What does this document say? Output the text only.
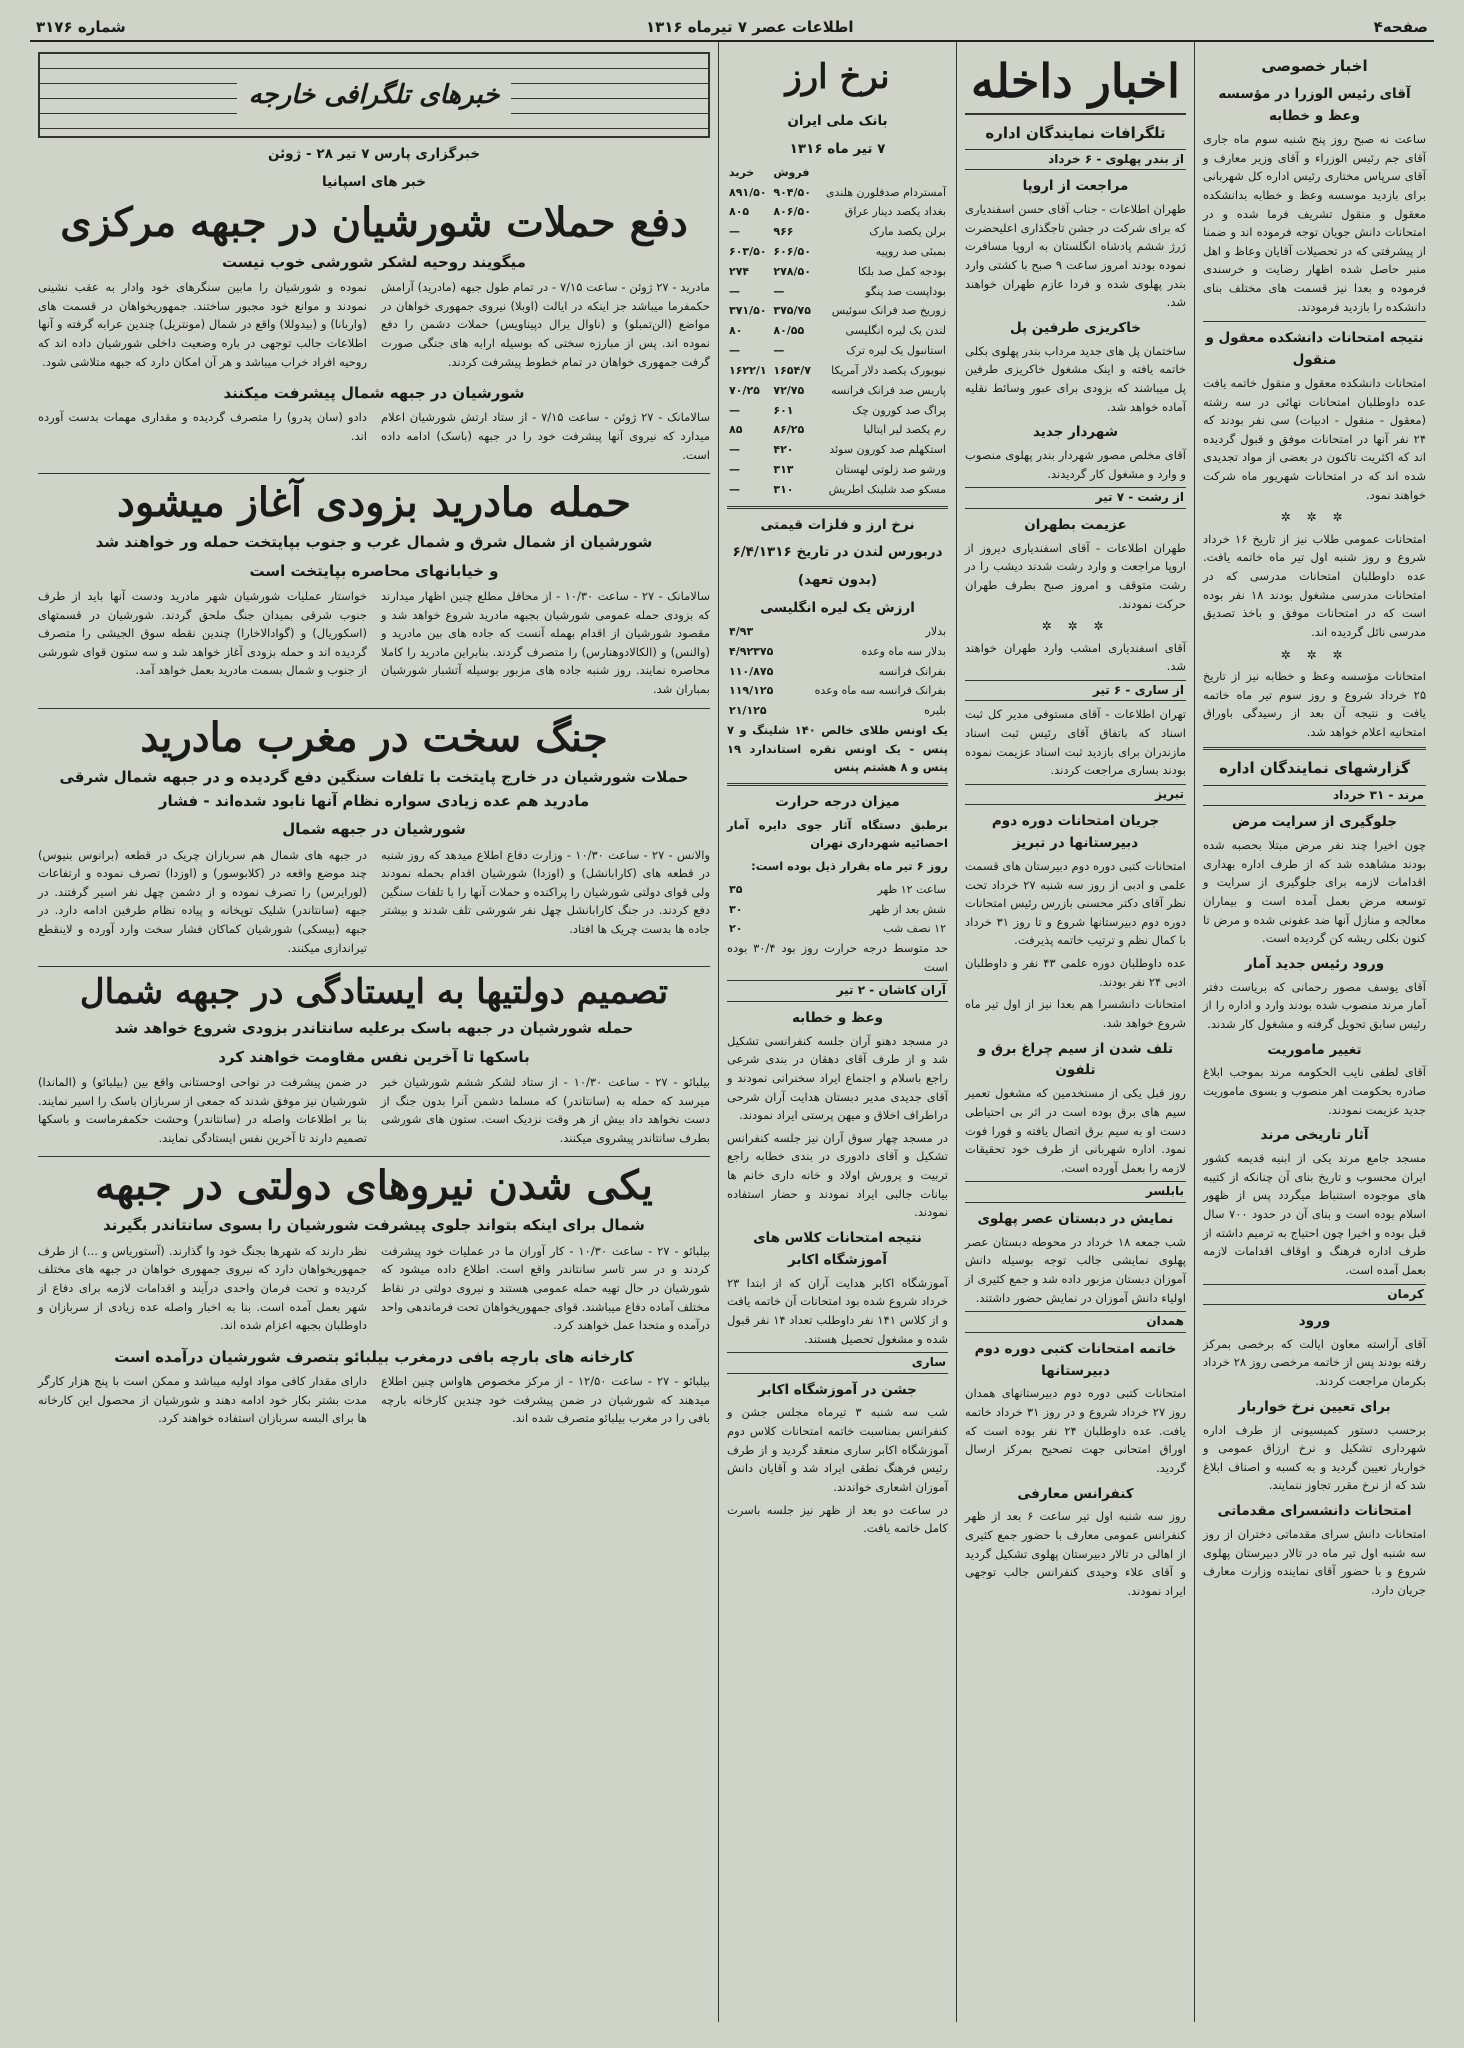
صفحه۴
اطلاعات عصر ۷ تیرماه ۱۳۱۶
شماره ۳۱۷۶
اخبار خصوصی
آقای رئیس الوزرا در مؤسسه وعظ و خطابه

ساعت نه صبح روز پنج شنبه سوم ماه جاری آقای جم رئیس الوزراء و آقای وزیر معارف و آقای سرپاس مختاری رئیس اداره کل شهربانی برای بازدید موسسه وعظ و خطابه بدانشکده معقول و منقول تشریف فرما شده و در امتحانات دانش جویان توجه فرموده اند و ضمنا از پیشرفتی که در تحصیلات آقایان وعاظ و اهل منبر حاصل شده اظهار رضایت و خرسندی فرموده و بعدا نیز قسمت های مختلف بنای دانشکده را بازدید فرمودند.

نتیجه امتحانات دانشکده معقول و منقول

امتحانات دانشکده معقول و منقول خاتمه یافت عده داوطلبان امتحانات نهائی در سه رشته (معقول - منقول - ادبیات) سی نفر بودند که ۲۴ نفر آنها در امتحانات موفق و قبول گردیده اند که اکثریت تاکنون در بعضی از مواد تجدیدی شده اند که در امتحانات شهریور ماه شرکت خواهند نمود.

✲ ✲ ✲

امتحانات عمومی طلاب نیز از تاریخ ۱۶ خرداد شروع و روز شنبه اول تیر ماه خاتمه یافت. عده داوطلبان امتحانات مدرسی که در امتحانات مدرسی مشغول بودند ۱۸ نفر بوده است که در امتحانات موفق و باخذ تصدیق مدرسی نائل گردیده اند.

✲ ✲ ✲

امتحانات مؤسسه وعظ و خطابه نیز از تاریخ ۲۵ خرداد شروع و روز سوم تیر ماه خاتمه یافت و نتیجه آن بعد از رسیدگی باوراق امتحانیه اعلام خواهد شد.

گزارشهای نمایندگان اداره
مرند - ۳۱ خرداد
جلوگیری از سرایت مرض

چون اخیرا چند نفر مرض مبتلا بحصبه شده بودند مشاهده شد که از طرف اداره بهداری اقدامات لازمه برای جلوگیری از سرایت و توسعه مرض بعمل آمده است و بیماران معالجه و منازل آنها ضد عفونی شده و مرض تا کنون بکلی ریشه کن گردیده است.

ورود رئیس جدید آمار

آقای یوسف مصور رحمانی که بریاست دفتر آمار مرند منصوب شده بودند وارد و اداره را از رئیس سابق تحویل گرفته و مشغول کار شدند.

تغییر ماموریت

آقای لطفی نایب الحکومه مرند بموجب ابلاغ صادره بحکومت اهر منصوب و بسوی ماموریت جدید عزیمت نمودند.

آثار تاریخی مرند

مسجد جامع مرند یکی از ابنیه قدیمه کشور ایران محسوب و تاریخ بنای آن چنانکه از کتیبه های موجوده استنباط میگردد پس از ظهور اسلام بوده است و بنای آن در حدود ۷۰۰ سال قبل بوده و اخیرا چون احتیاج به ترمیم داشته از طرف اداره فرهنگ و اوقاف اقدامات لازمه بعمل آمده است.

کرمان
ورود

آقای آراسته معاون ایالت که برخصی بمرکز رفته بودند پس از خاتمه مرخصی روز ۲۸ خرداد بکرمان مراجعت کردند.

برای تعیین نرخ خواربار

برحسب دستور کمیسیونی از طرف اداره شهرداری تشکیل و نرخ ارزاق عمومی و خواربار تعیین گردید و به کسبه و اصناف ابلاغ شد که از نرخ مقرر تجاوز ننمایند.

امتحانات دانشسرای مقدماتی

امتحانات دانش سرای مقدماتی دختران از روز سه شنبه اول تیر ماه در تالار دبیرستان پهلوی شروع و با حضور آقای نماینده وزارت معارف جریان دارد.

اخبار داخله
تلگرافات نمایندگان اداره
از بندر پهلوی - ۶ خرداد
مراجعت از اروپا

طهران اطلاعات - جناب آقای حسن اسفندیاری که برای شرکت در جشن تاجگذاری اعلیحضرت ژرژ ششم پادشاه انگلستان به اروپا مسافرت نموده بودند امروز ساعت ۹ صبح با کشتی وارد بندر پهلوی شده و فردا عازم طهران خواهند شد.

خاکریزی طرفین پل

ساختمان پل های جدید مرداب بندر پهلوی بکلی خاتمه یافته و اینک مشغول خاکریزی طرفین پل میباشند که بزودی برای عبور وسائط نقلیه آماده خواهد شد.

شهردار جدید

آقای مخلص مصور شهردار بندر پهلوی منصوب و وارد و مشغول کار گردیدند.

از رشت - ۷ تیر
عزیمت بطهران

طهران اطلاعات - آقای اسفندیاری دیروز از اروپا مراجعت و وارد رشت شدند دیشب را در رشت متوقف و امروز صبح بطرف طهران حرکت نمودند.

✲ ✲ ✲

آقای اسفندیاری امشب وارد طهران خواهند شد.

از ساری - ۶ تیر

تهران اطلاعات - آقای مستوفی مدیر کل ثبت اسناد که باتفاق آقای رئیس ثبت اسناد مازندران برای بازدید ثبت اسناد عزیمت نموده بودند بساری مراجعت کردند.

تبریز
جریان امتحانات دوره دوم دبیرستانها در تبریز

امتحانات کتبی دوره دوم دبیرستان های قسمت علمی و ادبی از روز سه شنبه ۲۷ خرداد تحت نظر آقای دکتر محسنی بازرس رئیس امتحانات دوره دوم دبیرستانها شروع و تا روز ۳۱ خرداد با کمال نظم و ترتیب خاتمه پذیرفت.

عده داوطلبان دوره علمی ۴۳ نفر و داوطلبان ادبی ۲۴ نفر بودند.

امتحانات دانشسرا هم بعدا نیز از اول تیر ماه شروع خواهد شد.

تلف شدن از سیم چراغ برق و تلفون

روز قبل یکی از مستخدمین که مشغول تعمیر سیم های برق بوده است در اثر بی احتیاطی دست او به سیم برق اتصال یافته و فورا فوت نمود. اداره شهربانی از طرف خود تحقیقات لازمه را بعمل آورده است.

بابلسر
نمایش در دبستان عصر پهلوی

شب جمعه ۱۸ خرداد در محوطه دبستان عصر پهلوی نمایشی جالب توجه بوسیله دانش آموزان دبستان مزبور داده شد و جمع کثیری از اولیاء دانش آموزان در نمایش حضور داشتند.

همدان
خاتمه امتحانات کتبی دوره دوم دبیرستانها

امتحانات کتبی دوره دوم دبیرستانهای همدان روز ۲۷ خرداد شروع و در روز ۳۱ خرداد خاتمه یافت. عده داوطلبان ۲۴ نفر بوده است که اوراق امتحانی جهت تصحیح بمرکز ارسال گردید.

کنفرانس معارفی

روز سه شنبه اول تیر ساعت ۶ بعد از ظهر کنفرانس عمومی معارف با حضور جمع کثیری از اهالی در تالار دبیرستان پهلوی تشکیل گردید و آقای علاء وحیدی کنفرانس جالب توجهی ایراد نمودند.

نرخ ارز
بانک ملی ایران
۷ تیر ماه ۱۳۱۶
	فروش	خرید
آمستردام صدفلورن هلندی	۹۰۴/۵۰	۸۹۱/۵۰
بغداد یکصد دینار عراق	۸۰۶/۵۰	۸۰۵
برلن یکصد مارک	۹۶۶	—
بمبئی صد روپیه	۶۰۶/۵۰	۶۰۳/۵۰
بودجه کمل صد بلکا	۲۷۸/۵۰	۲۷۴
بوداپست صد پنگو	—	—
زوریخ صد فرانک سوئیس	۳۷۵/۷۵	۳۷۱/۵۰
لندن یک لیره انگلیسی	۸۰/۵۵	۸۰
استانبول یک لیره ترک	—	—
نیویورک یکصد دلار آمریکا	۱۶۵۴/۷	۱۶۲۲/۱
پاریس صد فرانک فرانسه	۷۲/۷۵	۷۰/۲۵
پراگ صد کورون چک	۶۰۱	—
رم یکصد لیر ایتالیا	۸۶/۲۵	۸۵
استکهلم صد کورون سوئد	۴۲۰	—
ورشو صد زلوتی لهستان	۳۱۳	—
مسکو صد شلینک اطریش	۳۱۰	—
نرخ ارز و فلزات قیمتی
دربورس لندن در تاریخ ۶/۴/۱۳۱۶
(بدون تعهد)
ارزش یک لیره انگلیسی
بدلار	۴/۹۳
بدلار سه ماه وعده	۴/۹۲۳۷۵
بفرانک فرانسه	۱۱۰/۸۷۵
بفرانک فرانسه سه ماه وعده	۱۱۹/۱۲۵
بلیره	۲۱/۱۲۵

یک اونس طلای خالص ۱۴۰ شلینگ و ۷ پنس - یک اونس نقره استاندارد ۱۹ پنس و ۸ هشتم پنس

میزان درجه حرارت

برطبق دستگاه آثار جوی دایره آمار احصائیه شهرداری تهران

روز ۶ تیر ماه بقرار ذیل بوده است:

ساعت ۱۲ ظهر	۳۵
شش بعد از ظهر	۳۰
۱۲ نصف شب	۲۰

حد متوسط درجه حرارت روز بود ۳۰/۴ بوده است

آران کاشان - ۲ تیر
وعظ و خطابه

در مسجد دهنو آران جلسه کنفرانسی تشکیل شد و از طرف آقای دهقان در بندی شرعی راجع باسلام و اجتماع ایراد سخنرانی نمودند و آقای جدیدی مدیر دبستان هدایت آران شرحی دراطراف اخلاق و میهن پرستی ایراد نمودند.

در مسجد چهار سوق آران نیز جلسه کنفرانس تشکیل و آقای دادوری در بندی خطابه راجع تربیت و پرورش اولاد و خانه داری خانم ها بیانات جالبی ایراد نمودند و حضار استفاده نمودند.

نتیجه امتحانات کلاس های آموزشگاه اکابر

آموزشگاه اکابر هدایت آران که از ابتدا ۲۳ خرداد شروع شده بود امتحانات آن خاتمه یافت و از کلاس ۱۴۱ نفر داوطلب تعداد ۱۴ نفر قبول شده و مشغول تحصیل هستند.

ساری
جشن در آموزشگاه اکابر

شب سه شنبه ۳ تیرماه مجلس جشن و کنفرانس بمناسبت خاتمه امتحانات کلاس دوم آموزشگاه اکابر ساری منعقد گردید و از طرف رئیس فرهنگ نطقی ایراد شد و آقایان دانش آموزان اشعاری خواندند.

در ساعت دو بعد از ظهر نیز جلسه باسرت کامل خاتمه یافت.

خبرهای تلگرافی خارجه
خبرگزاری پارس ۷ تیر ۲۸ - ژوئن
خبر های اسپانیا
دفع حملات شورشیان در جبهه مرکزی
میگویند روحیه لشکر شورشی خوب نیست

مادرید - ۲۷ ژوئن - ساعت ۷/۱۵ - در تمام طول جبهه (مادرید) آرامش حکمفرما میباشد جز اینکه در ایالت (اوبلا) نیروی جمهوری خواهان در مواضع (الن‌تمبلو) و (ناوال یرال دپیناویس) حملات دشمن را دفع نموده اند. پس از مبارزه سختی که بوسیله ارابه های جنگی صورت گرفت جمهوری خواهان در تمام خطوط پیشرفت کردند.

نموده و شورشیان را مابین سنگرهای خود وادار به عقب نشینی نمودند و موانع خود مجبور ساختند. جمهوریخواهان در قسمت های (واربانا) و (بیدوللا) واقع در شمال (مونتریل) چندین عرابه گرفته و آنها اطلاعات جالب توجهی در باره وضعیت داخلی شورشیان داده اند که روحیه افراد خراب میباشد و هر آن امکان دارد که جبهه متلاشی شود.

شورشیان در جبهه شمال پیشرفت میکنند

سالامانک - ۲۷ ژوئن - ساعت ۷/۱۵ - از ستاد ارتش شورشیان اعلام میدارد که نیروی آنها پیشرفت خود را در جبهه (باسک) ادامه داده است.

دادو (سان پدرو) را متصرف گردیده و مقداری مهمات بدست آورده اند.

حمله مادرید بزودی آغاز میشود
شورشیان از شمال شرق و شمال غرب و جنوب بپایتخت حمله ور خواهند شد
و خیابانهای محاصره بپایتخت است

سالامانک - ۲۷ - ساعت ۱۰/۳۰ - از محافل مطلع چنین اظهار میدارند که بزودی حمله عمومی شورشیان بجبهه مادرید شروع خواهد شد و مقصود شورشیان از اقدام بهمله آنست که جاده های بین مادرید و (والنس) و (الکالادوهنارس) را متصرف گردند. بنابراین مادرید را کاملا محاصره نمایند. روز شنبه جاده های مزبور بوسیله آتشبار شورشیان بمباران شد.

خواستار عملیات شورشیان شهر مادرید ودست آنها باید از طرف جنوب شرقی بمیدان جنگ ملحق گردند. شورشیان در قسمتهای (اسکوریال) و (گوادالاخارا) چندین نقطه سوق الجیشی را متصرف گردیده اند و حمله بزودی آغاز خواهد شد و سه ستون قوای شورشی از جنوب و شمال بسمت مادرید بعمل خواهد آمد.

جنگ سخت در مغرب مادرید
حملات شورشیان در خارج پایتخت با تلفات سنگین دفع گردیده و در جبهه شمال شرقی مادرید هم عده زیادی سواره نظام آنها نابود شده‌اند - فشار
شورشیان در جبهه شمال

والانس - ۲۷ - ساعت ۱۰/۳۰ - وزارت دفاع اطلاع میدهد که روز شنبه در قطعه های (کارابانشل) و (اوزدا) شورشیان اقدام بحمله نمودند ولی قوای دولتی شورشیان را پراکنده و حملات آنها را با تلفات سنگین دفع کردند. در جنگ کارابانشل چهل نفر شورشی تلف شدند و بیشتر جاده ها بدست چریک ها افتاد.

در جبهه های شمال هم سربازان چریک در قطعه (برانوس بنیوس) چند موضع واقعه در (کلابوسور) و (اوزدا) تصرف نموده و ارتفاعات (لورایرس) را تصرف نموده و از دشمن چهل نفر اسیر گرفتند. در جبهه (سانتاندر) شلیک توپخانه و پیاده نظام طرفین ادامه دارد. در جبهه (بیسکی) شورشیان کماکان فشار سخت وارد آورده و لاینقطع تیراندازی میکنند.

تصمیم دولتیها به ایستادگی در جبهه شمال
حمله شورشیان در جبهه باسک برعلیه سانتاندر بزودی شروع خواهد شد
باسکها تا آخرین نفس مقاومت خواهند کرد

بیلبائو - ۲۷ - ساعت ۱۰/۳۰ - از ستاد لشکر ششم شورشیان خبر میرسد که حمله به (سانتاندر) که مسلما دشمن آنرا بدون جنگ از دست نخواهد داد بیش از هر وقت نزدیک است. ستون های شورشی بطرف سانتاندر پیشروی میکنند.

در ضمن پیشرفت در نواحی اوحستانی واقع بین (بیلبائو) و (الماندا) شورشیان نیز موفق شدند که جمعی از سربازان باسک را اسیر نمایند. بنا بر اطلاعات واصله در (سانتاندر) وحشت حکمفرماست و باسکها تصمیم دارند تا آخرین نفس ایستادگی نمایند.

یکی شدن نیروهای دولتی در جبهه
شمال برای اینکه بتواند جلوی پیشرفت شورشیان را بسوی سانتاندر بگیرند

بیلبائو - ۲۷ - ساعت ۱۰/۳۰ - کار آوران ما در عملیات خود پیشرفت کردند و در سر تاسر سانتاندر واقع است. اطلاع داده میشود که شورشیان در حال تهیه حمله عمومی هستند و نیروی دولتی در نقاط مختلف آماده دفاع میباشند. قوای جمهوریخواهان تحت فرماندهی واحد درآمده و متحدا عمل خواهند کرد.

نظر دارند که شهرها بجنگ خود وا گذارند. (آستوریاس و ...) از طرف جمهوریخواهان دارد که نیروی جمهوری خواهان در جبهه های مختلف کردیده و تحت فرمان واحدی درآیند و اقدامات لازمه برای دفاع از شهر بعمل آمده است. بنا به اخبار واصله عده زیادی از سربازان و داوطلبان بجبهه اعزام شده اند.

کارخانه های بارچه بافی درمغرب بیلبائو بتصرف شورشیان درآمده است

بیلبائو - ۲۷ - ساعت ۱۲/۵۰ - از مرکز مخصوص هاواس چنین اطلاع میدهند که شورشیان در ضمن پیشرفت خود چندین کارخانه بارچه بافی را در مغرب بیلبائو متصرف شده اند.

دارای مقدار کافی مواد اولیه میباشد و ممکن است با پنج هزار کارگر مدت بشتر بکار خود ادامه دهند و شورشیان از محصول این کارخانه ها برای البسه سربازان استفاده خواهند کرد.
